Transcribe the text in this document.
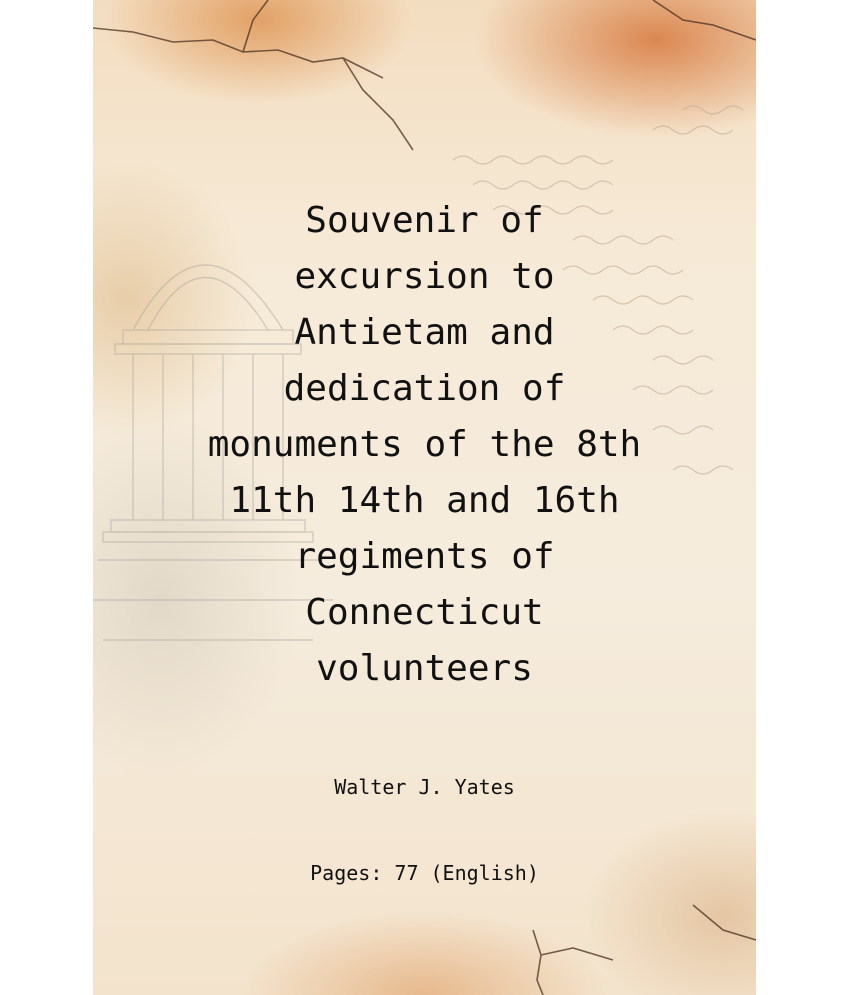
Souvenir of
excursion to
Antietam and
dedication of
monuments of the 8th
11th 14th and 16th
regiments of
Connecticut
volunteers
Walter J. Yates
Pages: 77 (English)
